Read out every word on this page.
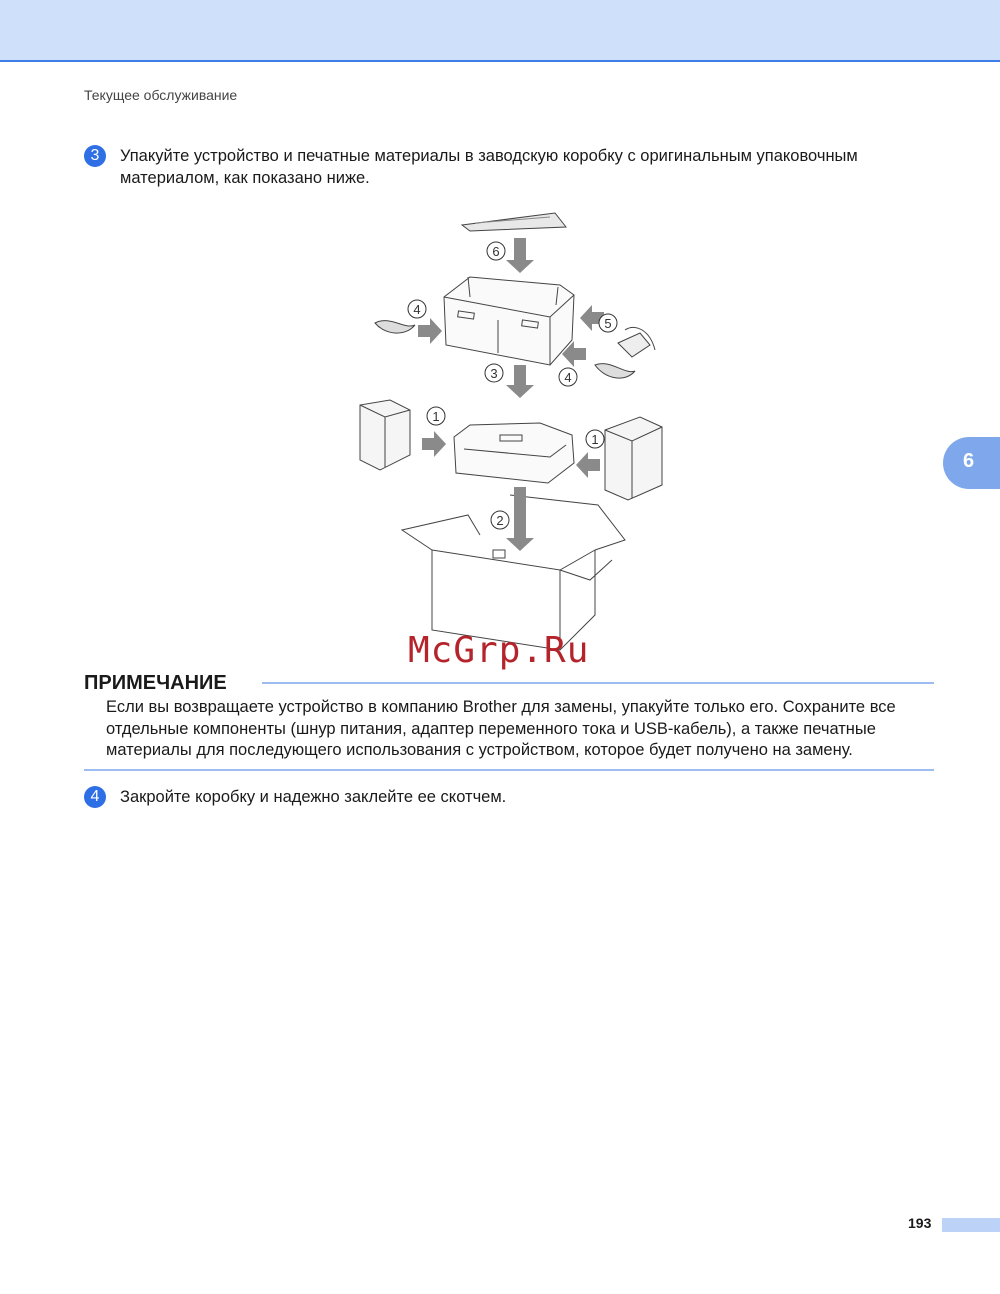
Текущее обслуживание
3	Упакуйте устройство и печатные материалы в заводскую коробку с оригинальным упаковочным материалом, как показано ниже.
6
4
5
3	4
1
1
2
McGrp.Ru
ПРИМЕЧАНИЕ
Если вы возвращаете устройство в компанию Brother для замены, упакуйте только его. Сохраните все отдельные компоненты (шнур питания, адаптер переменного тока и USB-кабель), а также печатные материалы для последующего использования с устройством, которое будет получено на замену.
4	Закройте коробку и надежно заклейте ее скотчем.
6
193
